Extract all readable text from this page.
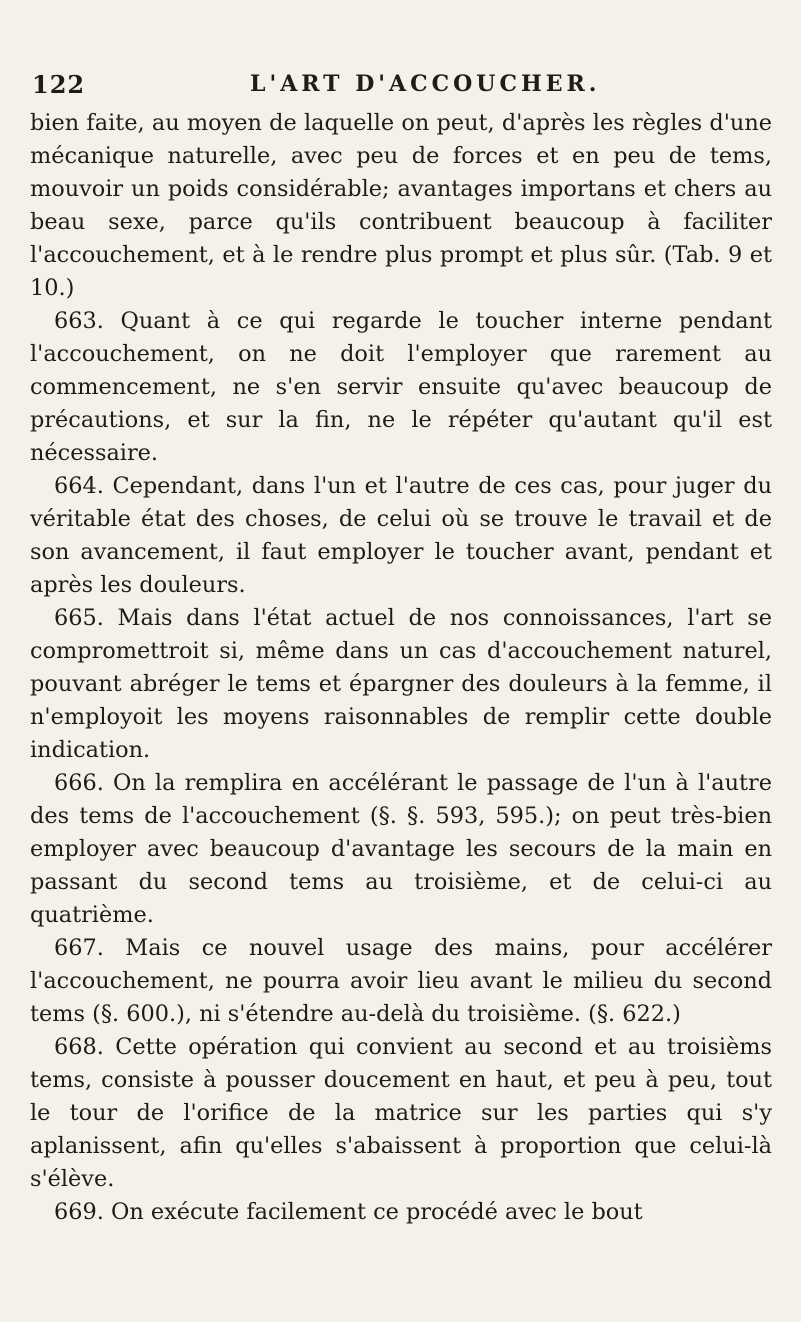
122	L'ART D'ACCOUCHER.

bien faite, au moyen de laquelle on peut, d'après les règles d'une mécanique naturelle, avec peu de forces et en peu de tems, mouvoir un poids considérable; avantages importans et chers au beau sexe, parce qu'ils contribuent beaucoup à faciliter l'accouchement, et à le rendre plus prompt et plus sûr. (Tab. 9 et 10.)

663. Quant à ce qui regarde le toucher interne pendant l'accouchement, on ne doit l'employer que rarement au commencement, ne s'en servir ensuite qu'avec beaucoup de précautions, et sur la fin, ne le répéter qu'autant qu'il est nécessaire.

664. Cependant, dans l'un et l'autre de ces cas, pour juger du véritable état des choses, de celui où se trouve le travail et de son avancement, il faut employer le toucher avant, pendant et après les douleurs.

665. Mais dans l'état actuel de nos connoissances, l'art se compromettroit si, même dans un cas d'accouchement naturel, pouvant abréger le tems et épargner des douleurs à la femme, il n'employoit les moyens raisonnables de remplir cette double indication.

666. On la remplira en accélérant le passage de l'un à l'autre des tems de l'accouchement (§. §. 593, 595.); on peut très-bien employer avec beaucoup d'avantage les secours de la main en passant du second tems au troisième, et de celui-ci au quatrième.

667. Mais ce nouvel usage des mains, pour accélérer l'accouchement, ne pourra avoir lieu avant le milieu du second tems (§. 600.), ni s'étendre au-delà du troisième. (§. 622.)

668. Cette opération qui convient au second et au troisièms tems, consiste à pousser doucement en haut, et peu à peu, tout le tour de l'orifice de la matrice sur les parties qui s'y aplanissent, afin qu'elles s'abaissent à proportion que celui-là s'élève.

669. On exécute facilement ce procédé avec le bout
